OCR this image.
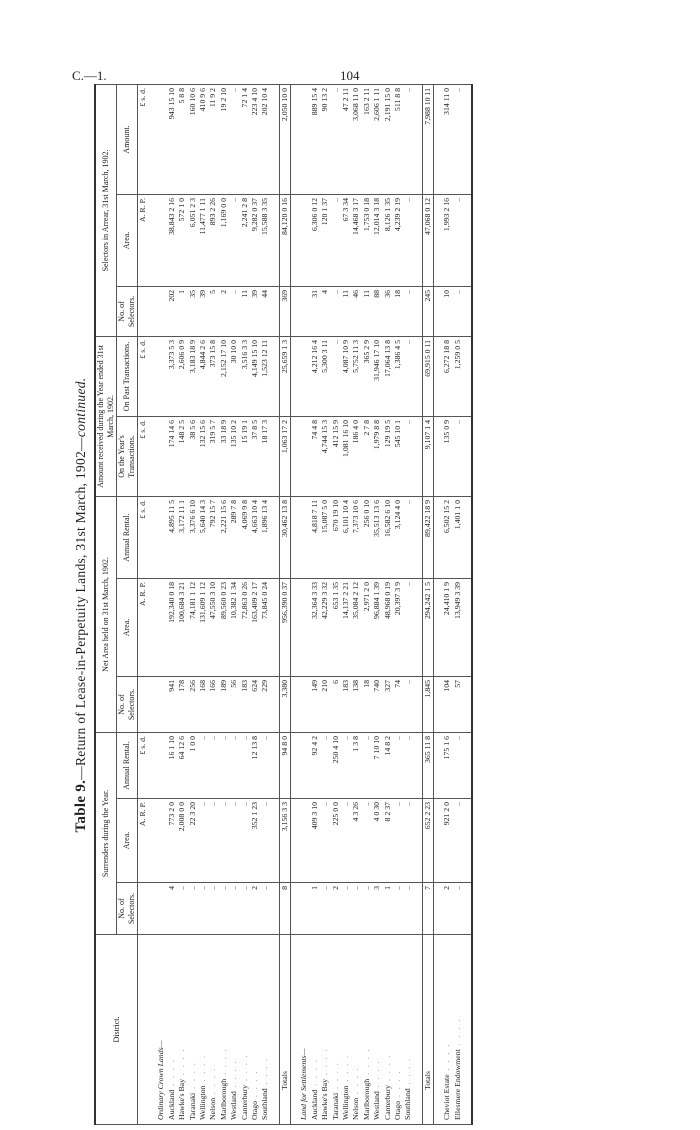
C.—1.	104
Table 9.—Return of Lease-in-Perpetuity Lands, 31st March, 1902—continued.
District.	Surrenders during the Year.			Net Area held on 31st March, 1902.			Amount received during the Year ended 31st March, 1902.		Selectors in Arrear, 31st March, 1902.		
	No. of Selectors.	Area.	Annual Rental.	No. of Selectors.	Area.	Annual Rental.	On the Year's Transactions.	On Past Transactions.	No. of Selectors.	Area.	Amount.
		A. R. P.	£ s. d.		A. R. P.	£ s. d.	£ s. d.	£ s. d.		A. R. P.	£ s. d.

Ordinary Crown Lands—											
Auckland . . . .	4	773 2 0	16 1 10	941	192,340 0 18	4,895 11 5	174 14 6	3,373 5 3	202	38,843 2 16	943 15 10
Hawke's Bay . . . .	..	2,008 0 0	64 12 6	178	100,684 3 21	3,172 11 1	148 2 5	2,606 0 9	1	572 1 0	5 8 8
Taranaki . . . .	..	22 3 20	1 0 0	256	74,181 1 12	3,376 6 10	38 5 6	3,183 18 9	35	6,051 2 3	160 10 6
Wellington . . . .	..	..	..	168	131,609 1 12	5,640 14 3	132 15 6	4,844 2 6	39	11,477 1 11	410 9 6
Nelson . . . .	..	..	..	166	47,550 3 10	792 15 7	319 5 7	373 15 8	5	893 2 26	11 9 2
Marlborough . . . .	..	..	..	189	89,560 0 23	2,221 15 6	33 18 9	2,152 17 10	2	1,169 0 0	19 2 10
Westland . . . .	..	..	..	56	10,382 1 34	289 7 8	135 10 2	30 10 0	..	..	..
Canterbury . . . .	..	..	..	183	72,863 0 26	4,069 9 8	15 19 1	3,516 3 3	11	2,241 2 8	72 1 4
Otago . . . .	2	352 1 23	12 13 8	624	163,409 2 17	4,663 10 4	37 8 5	4,149 15 10	39	9,282 0 37	223 4 10
Southland . . . .	..	..	..	229	73,845 0 24	1,896 13 4	18 17 3	1,523 12 11	44	15,588 3 35	202 10 4

Totals	8	3,156 3 3	94 8 0	3,380	956,390 0 37	30,462 13 8	1,063 17 2	25,659 1 3	369	84,120 0 16	2,050 10 0

Land for Settlements—											
Auckland . . . .	1	409 3 10	92 4 2	149	32,364 3 33	4,818 7 11	74 4 8	4,212 16 4	31	6,306 0 12	889 15 4
Hawke's Bay . . . .	..	..	..	210	42,229 3 32	15,087 5 0	4,744 15 3	5,300 3 11	4	120 1 37	90 13 2
Taranaki . . . .	2	225 0 0	250 4 10	6	653 1 35	670 19 10	412 15 9	..	..	..	..
Wellington . . . .	..	..	..	183	14,137 2 21	6,101 10 4	1,081 16 10	4,087 10 9	11	67 3 34	47 2 11
Nelson . . . .	..	4 3 26	1 3 8	138	35,084 2 12	7,373 10 6	186 4 0	5,752 11 3	46	14,468 3 17	3,068 11 0
Marlborough . . . .	..	..	..	18	2,971 2 0	256 0 10	2 7 8	365 2 9	11	1,753 0 18	163 2 11
Westland . . . .	3	4 0 30	7 10 10	740	96,884 1 39	35,513 13 6	1,979 8 8	31,946 17 10	88	12,014 3 18	2,606 1 11
Canterbury . . . .	1	8 2 37	14 8 2	327	48,968 0 19	16,582 6 10	129 19 5	17,064 13 8	36	8,126 1 35	2,191 15 0
Otago . . . .	..	..	..	74	20,397 3 9	3,124 4 0	545 10 1	1,386 4 5	18	4,239 2 19	511 8 8
Southland . . . .	..	..	..	..	..	..	..	..	..	..	..

Totals	7	652 2 23	365 11 8	1,845	294,242 1 5	89,422 18 9	9,107 1 4	69,915 0 11	245	47,068 0 12	7,988 10 11

Cheviot Estate . . . .	2	921 2 0	175 1 6	104	24,410 1 9	6,502 15 2	135 0 9	6,272 18 8	10	1,993 2 16	314 11 0
Ellesmere Endowment . . . .	..	..	..	57	13,949 3 39	1,401 1 0	..	1,259 0 5	..	..	..
